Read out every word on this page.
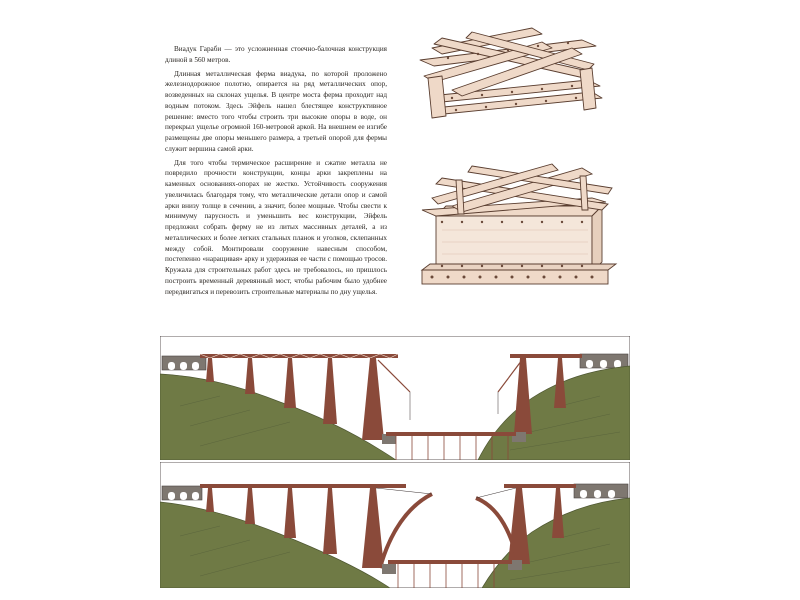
Виадук Гараби — это усложненная стоечно-балочная конструкция длиной в 560 метров.

Длинная металлическая ферма виадука, по которой проложено железнодорожное полотно, опирается на ряд металлических опор, возведенных на склонах ущелья. В центре моста ферма проходит над водным потоком. Здесь Эйфель нашел блестящее конструктивное решение: вместо того чтобы строить три высокие опоры в воде, он перекрыл ущелье огромной 160-метровой аркой. На внешнем ее изгибе размещены две опоры меньшего размера, а третьей опорой для фермы служит вершина самой арки.

Для того чтобы термическое расширение и сжатие металла не повредило прочности конструкции, концы арки закреплены на каменных основаниях-опорах не жестко. Устойчивость сооружения увеличилась благодаря тому, что металлические детали опор и самой арки внизу толще в сечении, а значит, более мощные. Чтобы свести к минимуму парусность и уменьшить вес конструкции, Эйфель предложил собрать ферму не из литых массивных деталей, а из металлических и более легких стальных планок и уголков, склепанных между собой. Монтировали сооружение навесным способом, постепенно «наращивая» арку и удерживая ее части с помощью тросов. Кружала для строительных работ здесь не требовалось, но пришлось построить временный деревянный мост, чтобы рабочим было удобнее передвигаться и перевозить строительные материалы по дну ущелья.
